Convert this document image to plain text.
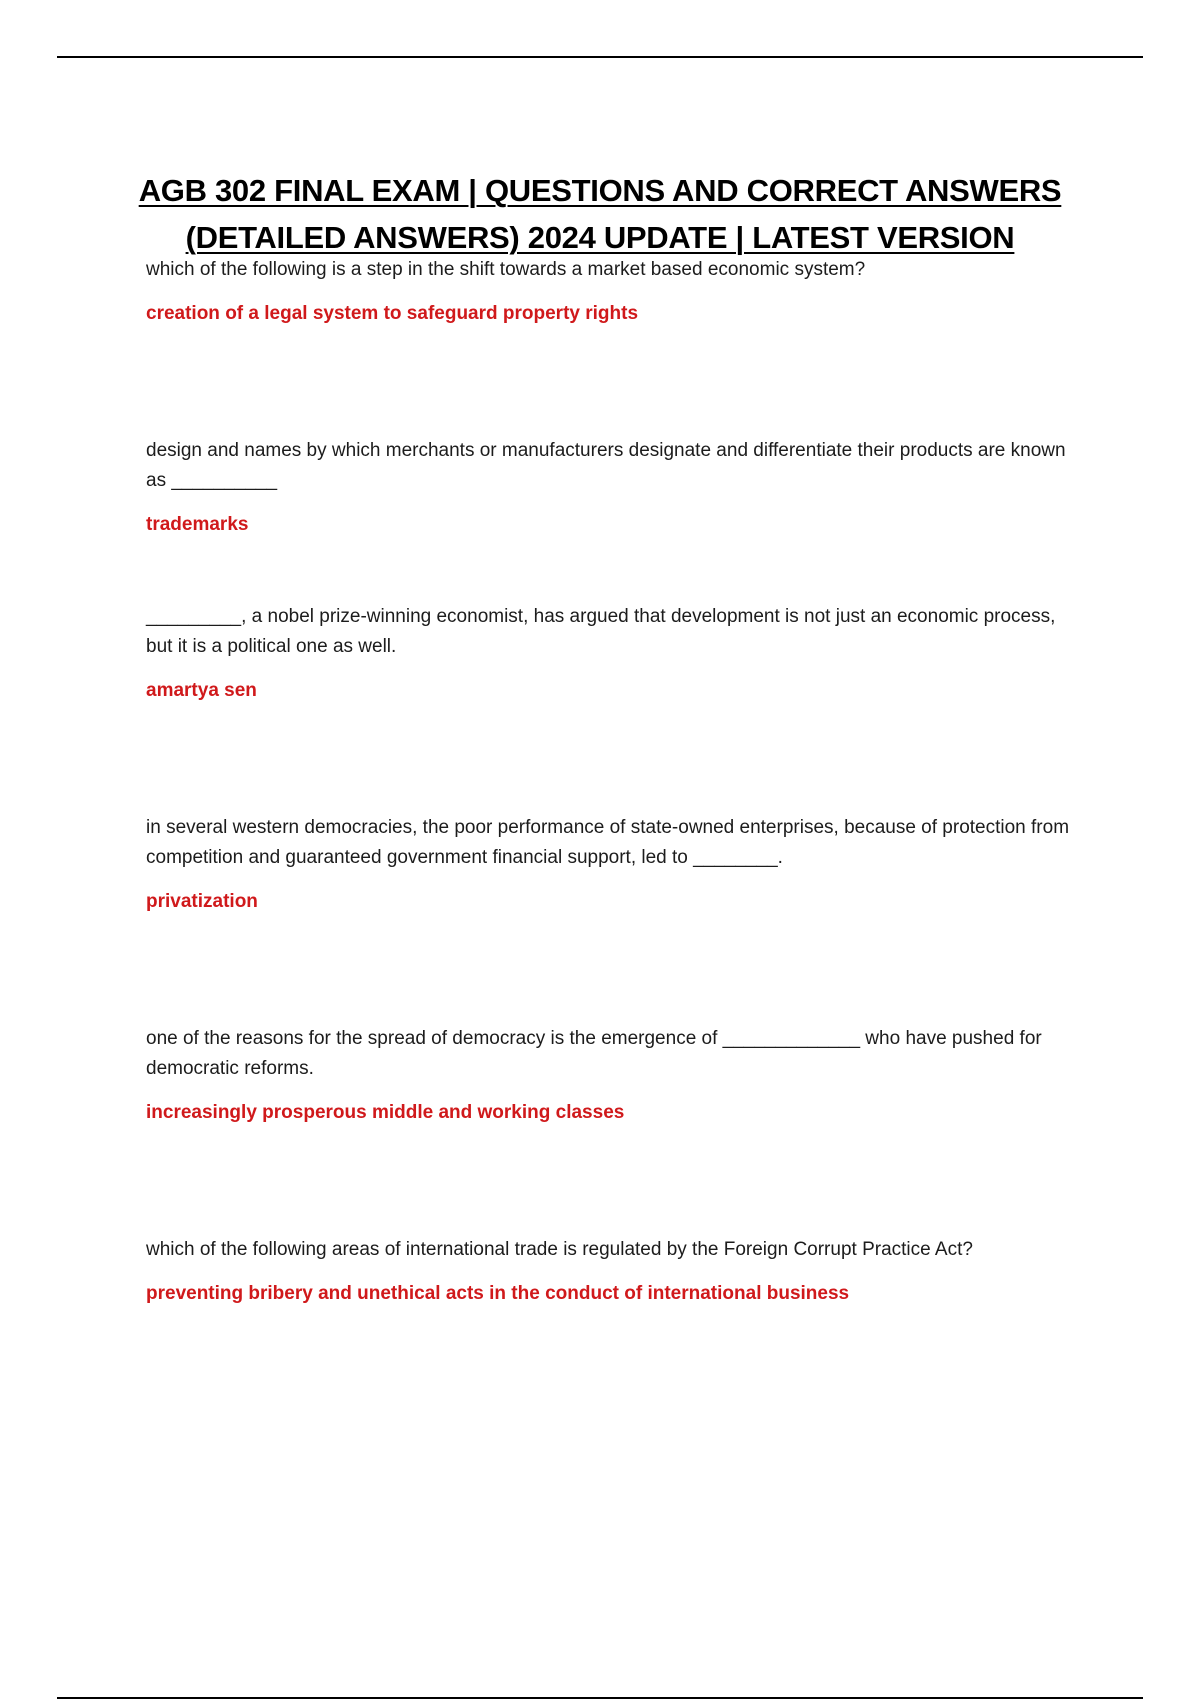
AGB 302 FINAL EXAM | QUESTIONS AND CORRECT ANSWERS
(DETAILED ANSWERS) 2024 UPDATE | LATEST VERSION

which of the following is a step in the shift towards a market based economic system?

creation of a legal system to safeguard property rights

design and names by which merchants or manufacturers designate and differentiate their products are known as __________

trademarks

_________, a nobel prize-winning economist, has argued that development is not just an economic process, but it is a political one as well.

amartya sen

in several western democracies, the poor performance of state-owned enterprises, because of protection from competition and guaranteed government financial support, led to ________.

privatization

one of the reasons for the spread of democracy is the emergence of _____________ who have pushed for democratic reforms.

increasingly prosperous middle and working classes

which of the following areas of international trade is regulated by the Foreign Corrupt Practice Act?

preventing bribery and unethical acts in the conduct of international business
